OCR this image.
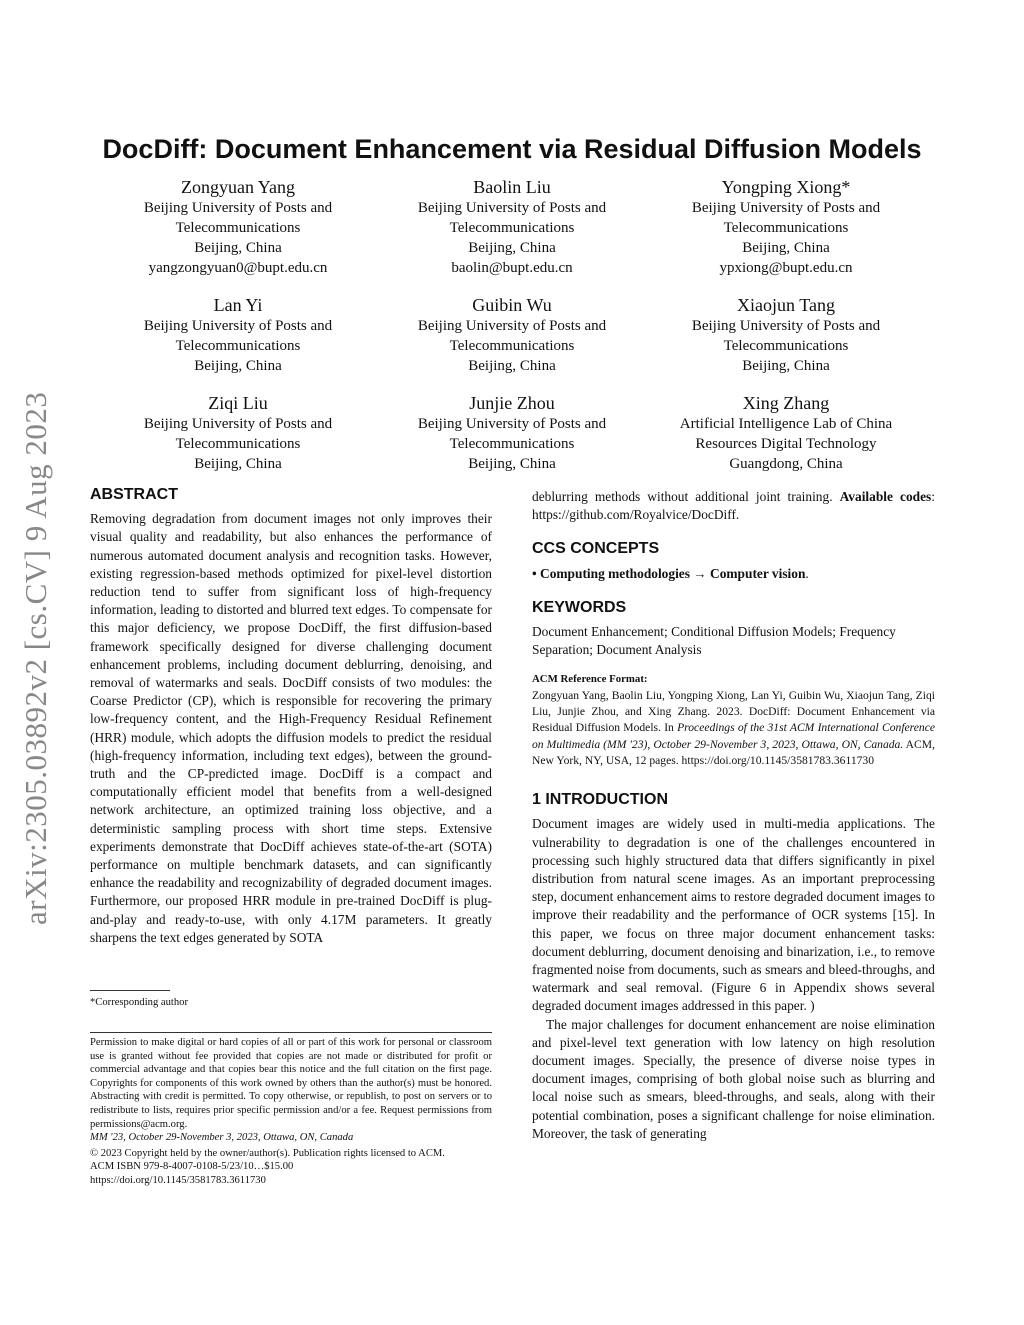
arXiv:2305.03892v2 [cs.CV] 9 Aug 2023
DocDiff: Document Enhancement via Residual Diffusion Models
Zongyuan Yang
Beijing University of Posts and
Telecommunications
Beijing, China
yangzongyuan0@bupt.edu.cn
Baolin Liu
Beijing University of Posts and
Telecommunications
Beijing, China
baolin@bupt.edu.cn
Yongping Xiong*
Beijing University of Posts and
Telecommunications
Beijing, China
ypxiong@bupt.edu.cn
Lan Yi
Beijing University of Posts and
Telecommunications
Beijing, China
Guibin Wu
Beijing University of Posts and
Telecommunications
Beijing, China
Xiaojun Tang
Beijing University of Posts and
Telecommunications
Beijing, China
Ziqi Liu
Beijing University of Posts and
Telecommunications
Beijing, China
Junjie Zhou
Beijing University of Posts and
Telecommunications
Beijing, China
Xing Zhang
Artificial Intelligence Lab of China
Resources Digital Technology
Guangdong, China
ABSTRACT

Removing degradation from document images not only improves their visual quality and readability, but also enhances the performance of numerous automated document analysis and recognition tasks. However, existing regression-based methods optimized for pixel-level distortion reduction tend to suffer from significant loss of high-frequency information, leading to distorted and blurred text edges. To compensate for this major deficiency, we propose DocDiff, the first diffusion-based framework specifically designed for diverse challenging document enhancement problems, including document deblurring, denoising, and removal of watermarks and seals. DocDiff consists of two modules: the Coarse Predictor (CP), which is responsible for recovering the primary low-frequency content, and the High-Frequency Residual Refinement (HRR) module, which adopts the diffusion models to predict the residual (high-frequency information, including text edges), between the ground-truth and the CP-predicted image. DocDiff is a compact and computationally efficient model that benefits from a well-designed network architecture, an optimized training loss objective, and a deterministic sampling process with short time steps. Extensive experiments demonstrate that DocDiff achieves state-of-the-art (SOTA) performance on multiple benchmark datasets, and can significantly enhance the readability and recognizability of degraded document images. Furthermore, our proposed HRR module in pre-trained DocDiff is plug-and-play and ready-to-use, with only 4.17M parameters. It greatly sharpens the text edges generated by SOTA

*Corresponding author

Permission to make digital or hard copies of all or part of this work for personal or classroom use is granted without fee provided that copies are not made or distributed for profit or commercial advantage and that copies bear this notice and the full citation on the first page. Copyrights for components of this work owned by others than the author(s) must be honored. Abstracting with credit is permitted. To copy otherwise, or republish, to post on servers or to redistribute to lists, requires prior specific permission and/or a fee. Request permissions from permissions@acm.org.

MM '23, October 29-November 3, 2023, Ottawa, ON, Canada

© 2023 Copyright held by the owner/author(s). Publication rights licensed to ACM.

ACM ISBN 979-8-4007-0108-5/23/10…$15.00

https://doi.org/10.1145/3581783.3611730

deblurring methods without additional joint training. Available codes: https://github.com/Royalvice/DocDiff.

CCS CONCEPTS

• Computing methodologies → Computer vision.

KEYWORDS

Document Enhancement; Conditional Diffusion Models; Frequency Separation; Document Analysis

ACM Reference Format:

Zongyuan Yang, Baolin Liu, Yongping Xiong, Lan Yi, Guibin Wu, Xiaojun Tang, Ziqi Liu, Junjie Zhou, and Xing Zhang. 2023. DocDiff: Document Enhancement via Residual Diffusion Models. In Proceedings of the 31st ACM International Conference on Multimedia (MM '23), October 29-November 3, 2023, Ottawa, ON, Canada. ACM, New York, NY, USA, 12 pages. https://doi.org/10.1145/3581783.3611730

1 INTRODUCTION

Document images are widely used in multi-media applications. The vulnerability to degradation is one of the challenges encountered in processing such highly structured data that differs significantly in pixel distribution from natural scene images. As an important preprocessing step, document enhancement aims to restore degraded document images to improve their readability and the performance of OCR systems [15]. In this paper, we focus on three major document enhancement tasks: document deblurring, document denoising and binarization, i.e., to remove fragmented noise from documents, such as smears and bleed-throughs, and watermark and seal removal. (Figure 6 in Appendix shows several degraded document images addressed in this paper. )

The major challenges for document enhancement are noise elimination and pixel-level text generation with low latency on high resolution document images. Specially, the presence of diverse noise types in document images, comprising of both global noise such as blurring and local noise such as smears, bleed-throughs, and seals, along with their potential combination, poses a significant challenge for noise elimination. Moreover, the task of generating
